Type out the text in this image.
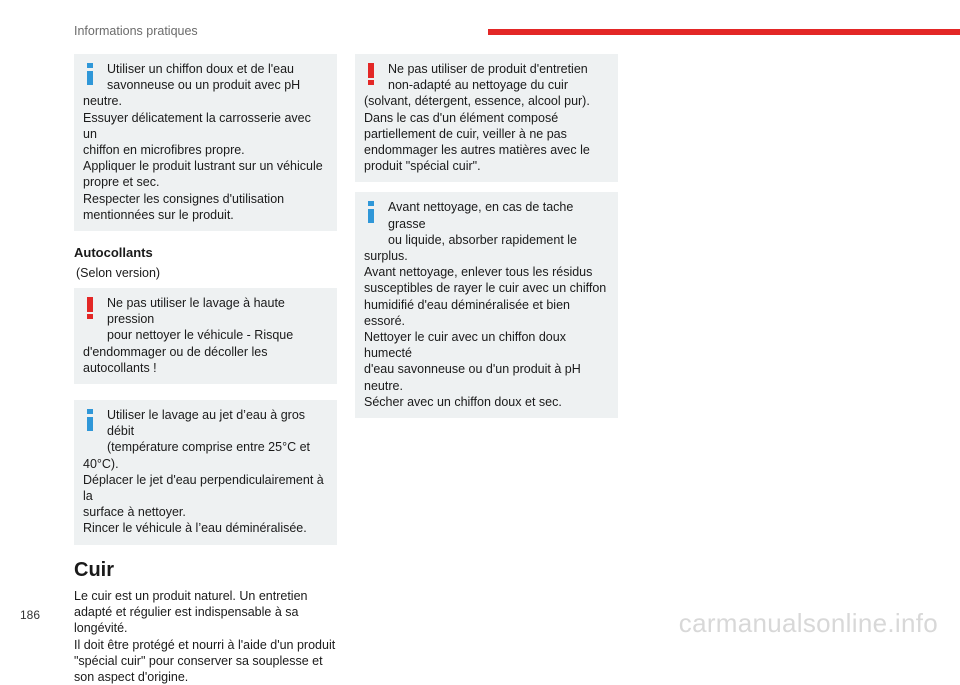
Informations pratiques
Utiliser un chiffon doux et de l'eau
savonneuse ou un produit avec pH
neutre.
Essuyer délicatement la carrosserie avec un
chiffon en microfibres propre.
Appliquer le produit lustrant sur un véhicule
propre et sec.
Respecter les consignes d'utilisation
mentionnées sur le produit.
Autocollants
(Selon version)
Ne pas utiliser le lavage à haute pression
pour nettoyer le véhicule - Risque
d'endommager ou de décoller les
autocollants !
Utiliser le lavage au jet d’eau à gros débit
(température comprise entre 25°C et
40°C).
Déplacer le jet d'eau perpendiculairement à la
surface à nettoyer.
Rincer le véhicule à l’eau déminéralisée.
Cuir
Le cuir est un produit naturel. Un entretien
adapté et régulier est indispensable à sa
longévité.
Il doit être protégé et nourri à l'aide d'un produit
"spécial cuir" pour conserver sa souplesse et
son aspect d'origine.
Ne pas utiliser de produit d'entretien
non-adapté au nettoyage du cuir
(solvant, détergent, essence, alcool pur).
Dans le cas d'un élément composé
partiellement de cuir, veiller à ne pas
endommager les autres matières avec le
produit "spécial cuir".
Avant nettoyage, en cas de tache grasse
ou liquide, absorber rapidement le
surplus.
Avant nettoyage, enlever tous les résidus
susceptibles de rayer le cuir avec un chiffon
humidifié d'eau déminéralisée et bien essoré.
Nettoyer le cuir avec un chiffon doux humecté
d'eau savonneuse ou d'un produit à pH
neutre.
Sécher avec un chiffon doux et sec.
186	carmanualsonline.info
